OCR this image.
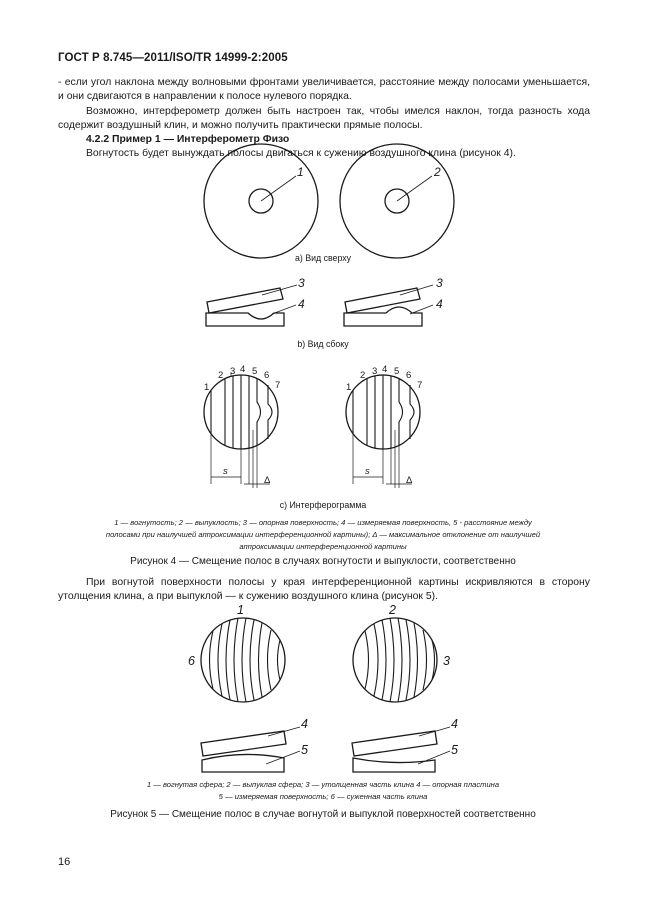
ГОСТ Р 8.745—2011/ISO/TR 14999-2:2005
- если угол наклона между волновыми фронтами увеличивается, расстояние между полосами уменьшается, и они сдвигаются в направлении к полосе нулевого порядка.
Возможно, интерферометр должен быть настроен так, чтобы имелся наклон, тогда разность хода содержит воздушный клин, и можно получить практически прямые полосы.
4.2.2 Пример 1 — Интерферометр Физо
Вогнутость будет вынуждать полосы двигаться к сужению воздушного клина (рисунок 4).
1	2
3
4
3
4
1
2 3 4 5 6
7
s
Δ
1
2 3 4 5 6
7
s
Δ
1	2
3
6
4
5
4
5
а) Вид сверху
b) Вид сбоку
с) Интерферограмма
1 — вогнутость; 2 — выпуклость; 3 — опорная поверхность; 4 — измеряемая поверхность, 5 - расстояние между
полосами при наилучшей аппроксимации интерференционной картины); Δ — максимальное отклонение от наилучшей
аппроксимации интерференционной картины
Рисунок 4 — Смещение полос в случаях вогнутости и выпуклости, соответственно
При вогнутой поверхности полосы у края интерференционной картины искривляются в сторону утолщения клина, а при выпуклой — к сужению воздушного клина (рисунок 5).
1 — вогнутая сфера; 2 — выпуклая сфера; 3 — утолщенная часть клина 4 — опорная пластина
5 — измеряемая поверхность; 6 — суженная часть клина
Рисунок 5 — Смещение полос в случае вогнутой и выпуклой поверхностей соответственно
16
